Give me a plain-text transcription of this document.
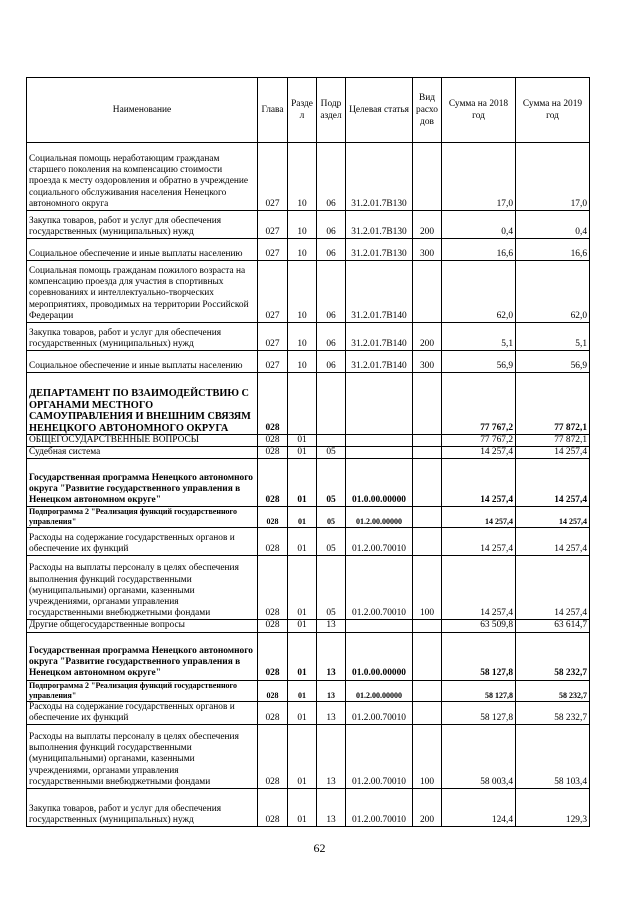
Наименование	Глава	Разде л	Подр аздел	Целевая статья	Вид расхо дов	Сумма на 2018 год	Сумма на 2019 год
Социальная помощь неработающим гражданам старшего поколения на компенсацию стоимости проезда к месту оздоровления и обратно в учреждение социального обслуживания населения Ненецкого автономного округа	027	10	06	31.2.01.7В130		17,0	17,0
Закупка товаров, работ и услуг для обеспечения государственных (муниципальных) нужд	027	10	06	31.2.01.7В130	200	0,4	0,4
Социальное обеспечение и иные выплаты населению	027	10	06	31.2.01.7В130	300	16,6	16,6
Социальная помощь гражданам пожилого возраста на компенсацию проезда для участия в спортивных соревнованиях и интеллектуально-творческих мероприятиях, проводимых на территории Российской Федерации	027	10	06	31.2.01.7В140		62,0	62,0
Закупка товаров, работ и услуг для обеспечения государственных (муниципальных) нужд	027	10	06	31.2.01.7В140	200	5,1	5,1
Социальное обеспечение и иные выплаты населению	027	10	06	31.2.01.7В140	300	56,9	56,9
ДЕПАРТАМЕНТ ПО ВЗАИМОДЕЙСТВИЮ С ОРГАНАМИ МЕСТНОГО САМОУПРАВЛЕНИЯ И ВНЕШНИМ СВЯЗЯМ НЕНЕЦКОГО АВТОНОМНОГО ОКРУГА	028					77 767,2	77 872,1
ОБЩЕГОСУДАРСТВЕННЫЕ ВОПРОСЫ	028	01				77 767,2	77 872,1
Судебная система	028	01	05			14 257,4	14 257,4
Государственная программа Ненецкого автономного округа "Развитие государственного управления в Ненецком автономном округе"	028	01	05	01.0.00.00000		14 257,4	14 257,4
Подпрограмма 2 "Реализация функций государственного управления"	028	01	05	01.2.00.00000		14 257,4	14 257,4
Расходы на содержание государственных органов и обеспечение их функций	028	01	05	01.2.00.70010		14 257,4	14 257,4
Расходы на выплаты персоналу в целях обеспечения выполнения функций государственными (муниципальными) органами, казенными учреждениями, органами управления государственными внебюджетными фондами	028	01	05	01.2.00.70010	100	14 257,4	14 257,4
Другие общегосударственные вопросы	028	01	13			63 509,8	63 614,7
Государственная программа Ненецкого автономного округа "Развитие государственного управления в Ненецком автономном округе"	028	01	13	01.0.00.00000		58 127,8	58 232,7
Подпрограмма 2 "Реализация функций государственного управления"	028	01	13	01.2.00.00000		58 127,8	58 232,7
Расходы на содержание государственных органов и обеспечение их функций	028	01	13	01.2.00.70010		58 127,8	58 232,7
Расходы на выплаты персоналу в целях обеспечения выполнения функций государственными (муниципальными) органами, казенными учреждениями, органами управления государственными внебюджетными фондами	028	01	13	01.2.00.70010	100	58 003,4	58 103,4
Закупка товаров, работ и услуг для обеспечения государственных (муниципальных) нужд	028	01	13	01.2.00.70010	200	124,4	129,3
62
